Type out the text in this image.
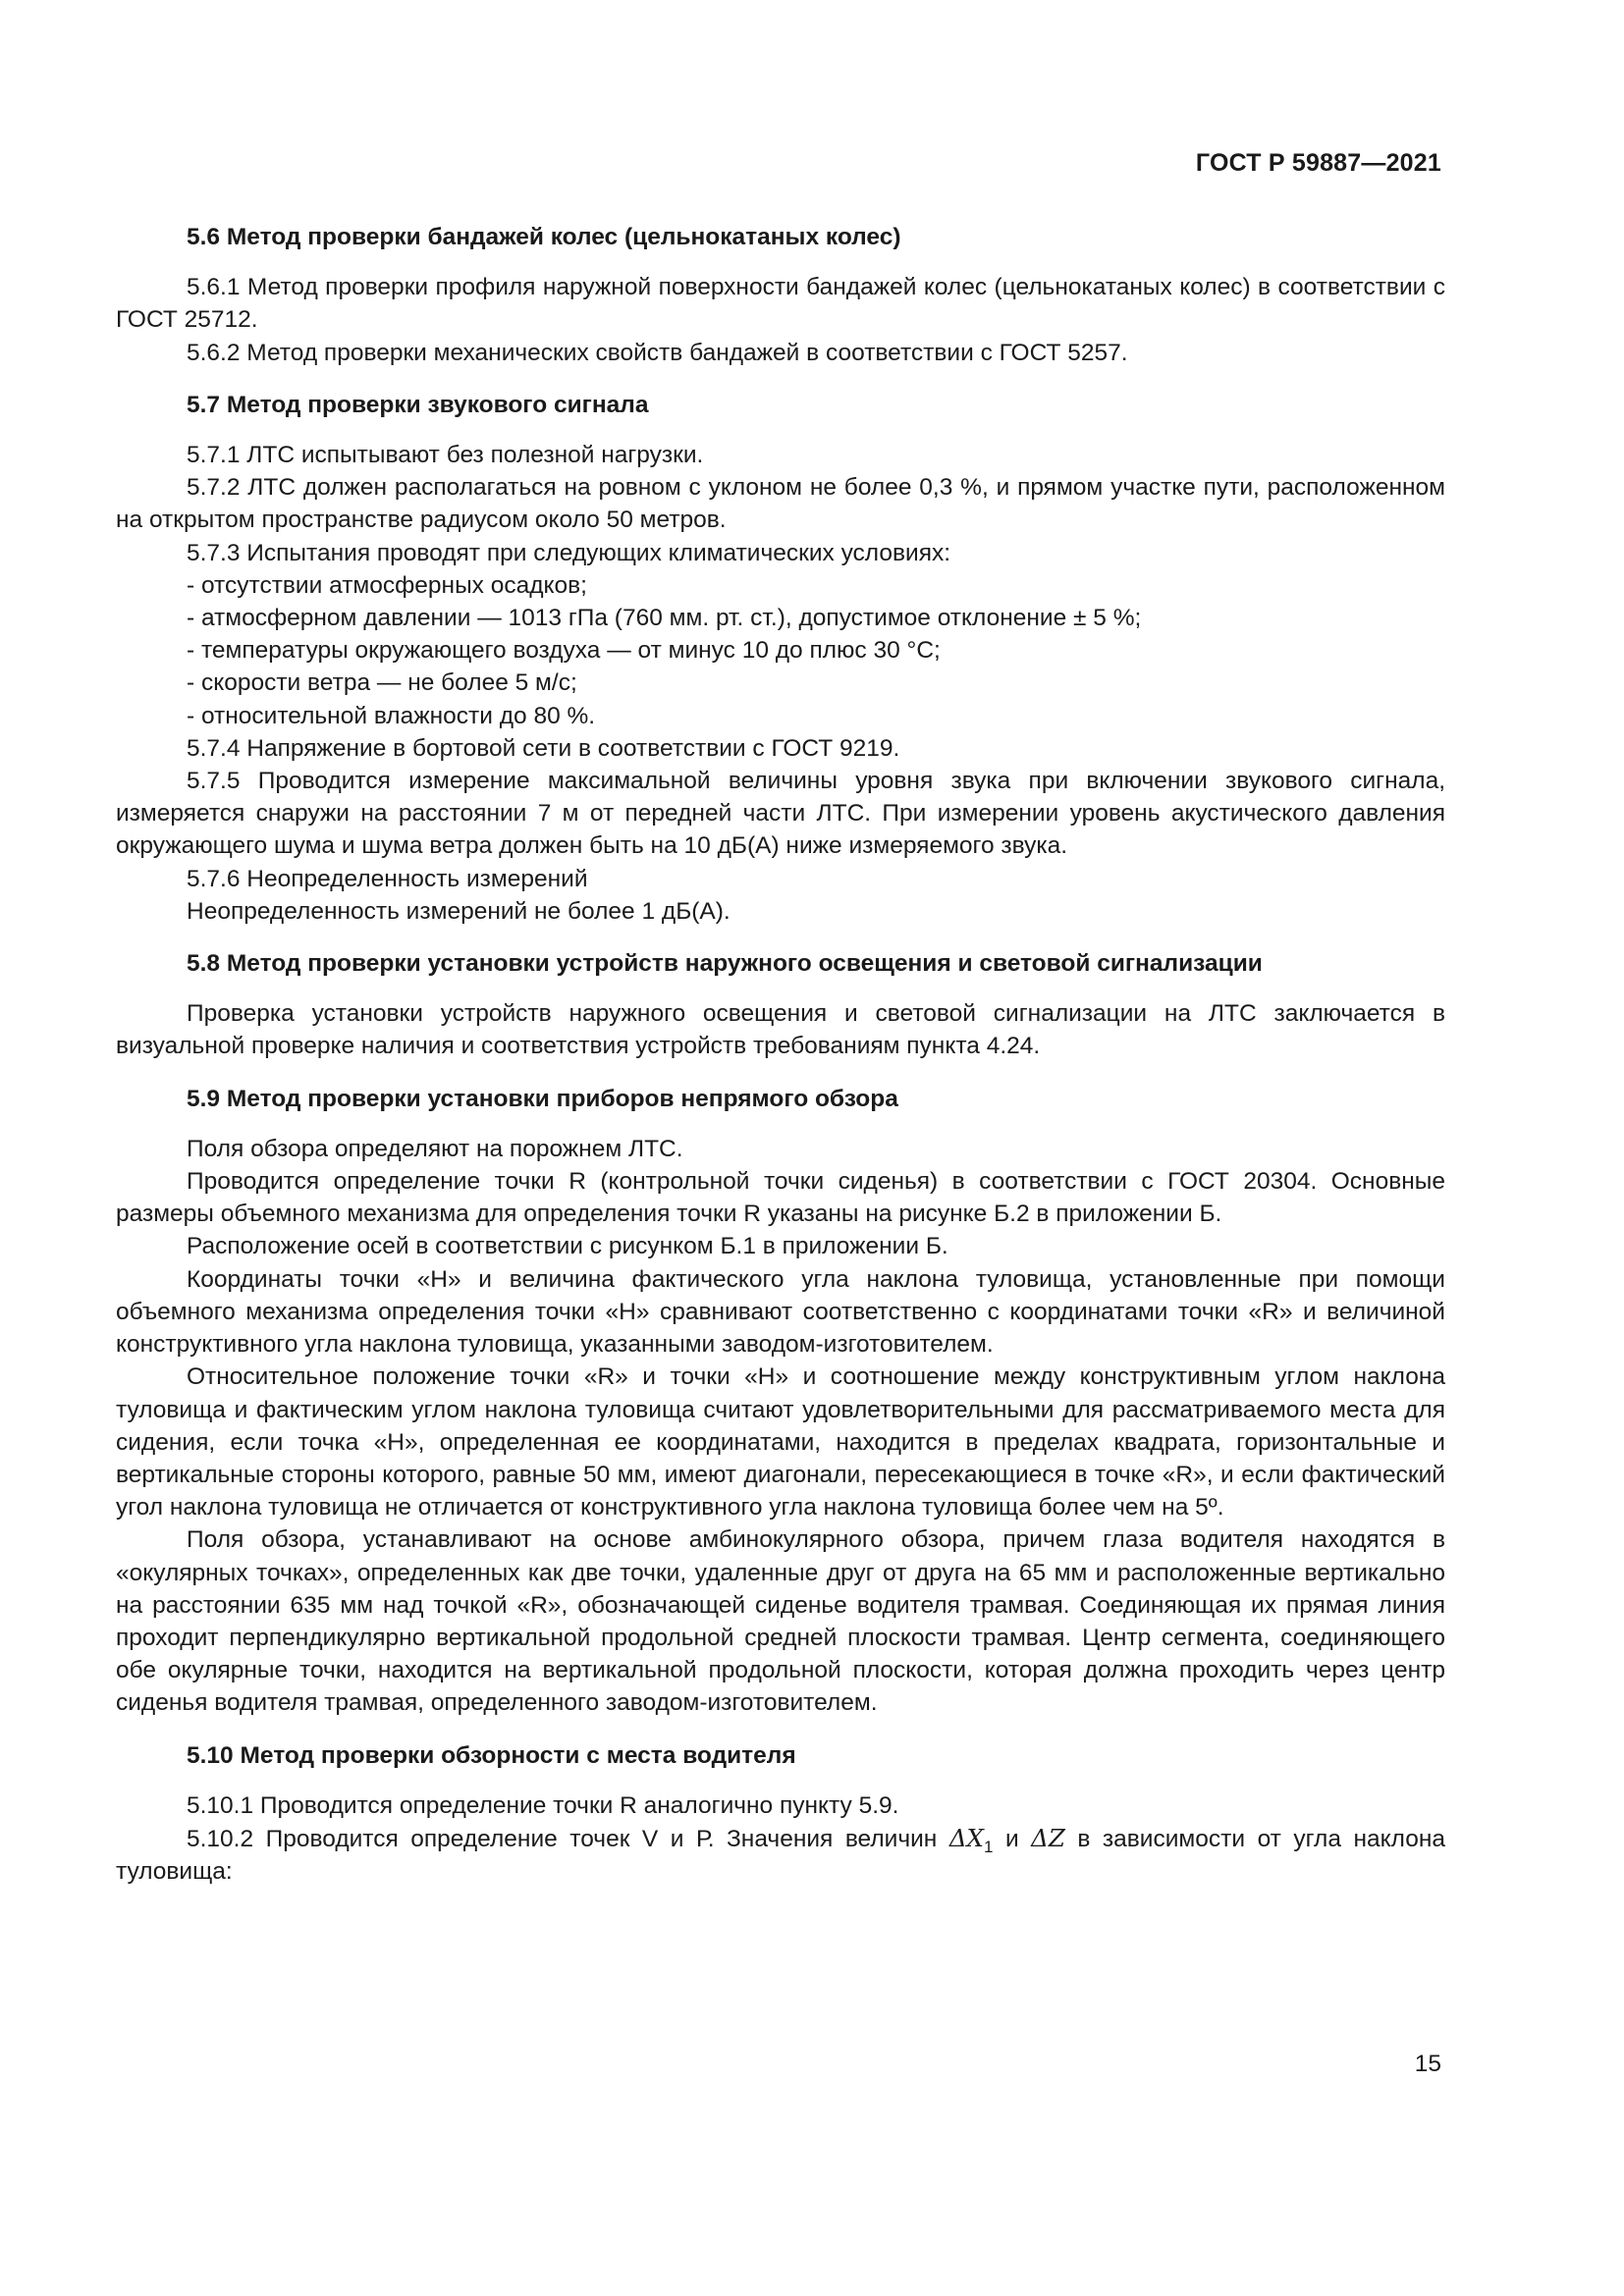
ГОСТ Р 59887—2021
5.6 Метод проверки бандажей колес (цельнокатаных колес)

5.6.1 Метод проверки профиля наружной поверхности бандажей колес (цельнокатаных колес) в соответствии с ГОСТ 25712.

5.6.2 Метод проверки механических свойств бандажей в соответствии с ГОСТ 5257.

5.7 Метод проверки звукового сигнала

5.7.1 ЛТС испытывают без полезной нагрузки.

5.7.2 ЛТС должен располагаться на ровном с уклоном не более 0,3 %, и прямом участке пути, расположенном на открытом пространстве радиусом около 50 метров.

5.7.3 Испытания проводят при следующих климатических условиях:

- отсутствии атмосферных осадков;

- атмосферном давлении — 1013 гПа (760 мм. рт. ст.), допустимое отклонение ± 5 %;

- температуры окружающего воздуха — от минус 10 до плюс 30 °С;

- скорости ветра — не более 5 м/с;

- относительной влажности до 80 %.

5.7.4 Напряжение в бортовой сети в соответствии с ГОСТ 9219.

5.7.5 Проводится измерение максимальной величины уровня звука при включении звукового сигнала, измеряется снаружи на расстоянии 7 м от передней части ЛТС. При измерении уровень акустического давления окружающего шума и шума ветра должен быть на 10 дБ(А) ниже измеряемого звука.

5.7.6 Неопределенность измерений

Неопределенность измерений не более 1 дБ(А).

5.8 Метод проверки установки устройств наружного освещения и световой сигнализации

Проверка установки устройств наружного освещения и световой сигнализации на ЛТС заключается в визуальной проверке наличия и соответствия устройств требованиям пункта 4.24.

5.9 Метод проверки установки приборов непрямого обзора

Поля обзора определяют на порожнем ЛТС.

Проводится определение точки R (контрольной точки сиденья) в соответствии с ГОСТ 20304. Основные размеры объемного механизма для определения точки R указаны на рисунке Б.2 в приложении Б.

Расположение осей в соответствии с рисунком Б.1 в приложении Б.

Координаты точки «Н» и величина фактического угла наклона туловища, установленные при помощи объемного механизма определения точки «Н» сравнивают соответственно с координатами точки «R» и величиной конструктивного угла наклона туловища, указанными заводом-изготовителем.

Относительное положение точки «R» и точки «Н» и соотношение между конструктивным углом наклона туловища и фактическим углом наклона туловища считают удовлетворительными для рассматриваемого места для сидения, если точка «Н», определенная ее координатами, находится в пределах квадрата, горизонтальные и вертикальные стороны которого, равные 50 мм, имеют диагонали, пересекающиеся в точке «R», и если фактический угол наклона туловища не отличается от конструктивного угла наклона туловища более чем на 5º.

Поля обзора, устанавливают на основе амбинокулярного обзора, причем глаза водителя находятся в «окулярных точках», определенных как две точки, удаленные друг от друга на 65 мм и расположенные вертикально на расстоянии 635 мм над точкой «R», обозначающей сиденье водителя трамвая. Соединяющая их прямая линия проходит перпендикулярно вертикальной продольной средней плоскости трамвая. Центр сегмента, соединяющего обе окулярные точки, находится на вертикальной продольной плоскости, которая должна проходить через центр сиденья водителя трамвая, определенного заводом-изготовителем.

5.10 Метод проверки обзорности с места водителя

5.10.1 Проводится определение точки R аналогично пункту 5.9.

5.10.2 Проводится определение точек V и Р. Значения величин $\Delta X_1$ и ΔZ в зависимости от угла наклона туловища:

15
